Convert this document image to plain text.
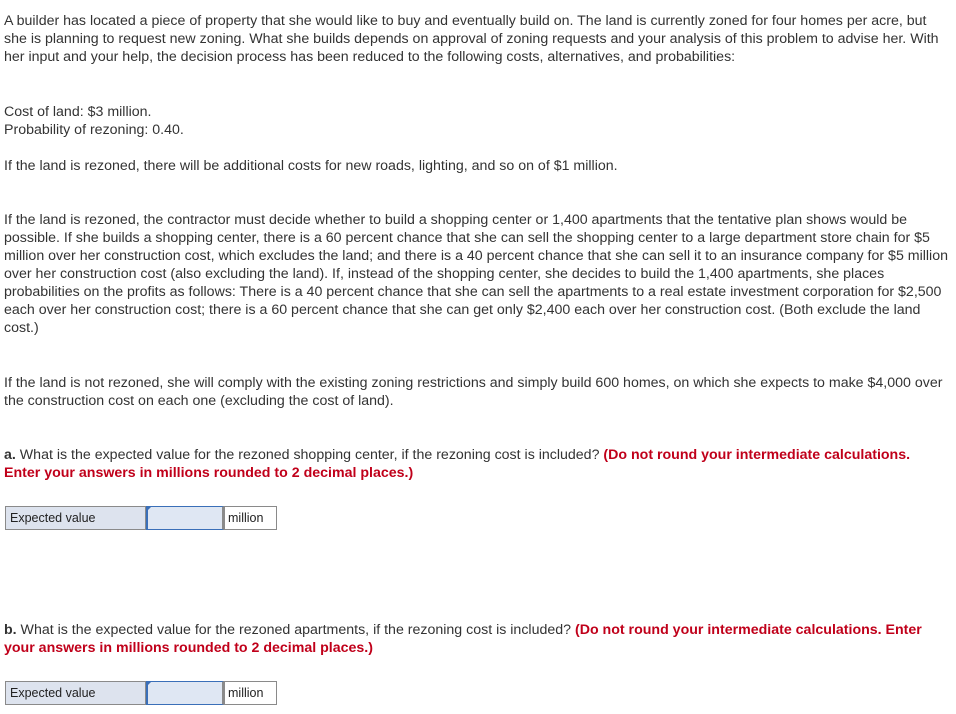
A builder has located a piece of property that she would like to buy and eventually build on. The land is currently zoned for four homes per acre, but she is planning to request new zoning. What she builds depends on approval of zoning requests and your analysis of this problem to advise her. With her input and your help, the decision process has been reduced to the following costs, alternatives, and probabilities:

Cost of land: $3 million.

Probability of rezoning: 0.40.

If the land is rezoned, there will be additional costs for new roads, lighting, and so on of $1 million.

If the land is rezoned, the contractor must decide whether to build a shopping center or 1,400 apartments that the tentative plan shows would be possible. If she builds a shopping center, there is a 60 percent chance that she can sell the shopping center to a large department store chain for $5 million over her construction cost, which excludes the land; and there is a 40 percent chance that she can sell it to an insurance company for $5 million over her construction cost (also excluding the land). If, instead of the shopping center, she decides to build the 1,400 apartments, she places probabilities on the profits as follows: There is a 40 percent chance that she can sell the apartments to a real estate investment corporation for $2,500 each over her construction cost; there is a 60 percent chance that she can get only $2,400 each over her construction cost. (Both exclude the land cost.)

If the land is not rezoned, she will comply with the existing zoning restrictions and simply build 600 homes, on which she expects to make $4,000 over the construction cost on each one (excluding the cost of land).

a. What is the expected value for the rezoned shopping center, if the rezoning cost is included? (Do not round your intermediate calculations. Enter your answers in millions rounded to 2 decimal places.)

Expected value	million

b. What is the expected value for the rezoned apartments, if the rezoning cost is included? (Do not round your intermediate calculations. Enter your answers in millions rounded to 2 decimal places.)

Expected value	million
